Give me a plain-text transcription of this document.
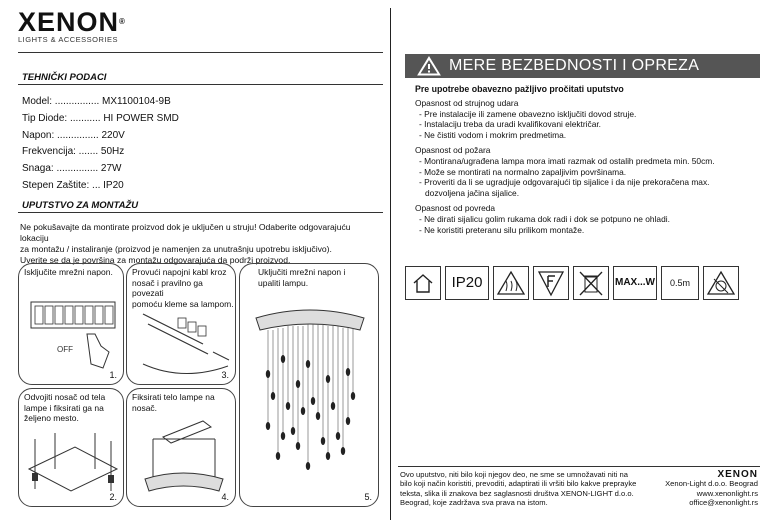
XENON®
LIGHTS & ACCESSORIES
TEHNIČKI PODACI
Model: ................ MX1100104-9B
Tip Diode: ........... HI POWER SMD
Napon: ............... 220V
Frekvencija: ....... 50Hz
Snaga: ............... 27W
Stepen Zaštite: ... IP20
UPUTSTVO ZA MONTAŽU
Ne pokušavajte da montirate proizvod dok je uključen u struju! Odaberite odgovarajuću lokaciju
za montažu / instaliranje (proizvod je namenjen za unutrašnju upotrebu isključivo).
Uverite se da je površina za montažu odgovarajuća da podrži proizvod.
Isključite mrežni napon.
OFF
1.
Provući napojni kabl kroz
nosač i pravilno ga povezati
pomoću kleme sa lampom.
3.
Uključiti mrežni napon i
upaliti lampu.
5.
Odvojiti nosač od tela
lampe i fiksirati ga na
željeno mesto.
2.
Fiksirati telo lampe na
nosač.
4.
MERE BEZBEDNOSTI I OPREZA
Pre upotrebe obavezno pažljivo pročitati uputstvo
Opasnost od strujnog udara
- Pre instalacije ili zamene obavezno isključiti dovod struje.
- Instalaciju treba da uradi kvalifikovani električar.
- Ne čistiti vodom i mokrim predmetima.
Opasnost od požara
- Montirana/ugrađena lampa mora imati razmak od ostalih predmeta min. 50cm.
- Može se montirati na normalno zapaljivim površinama.
- Proveriti da li se ugradjuje odgovarajući tip sijalice i da nije prekoračena max.
dozvoljena jačina sijalice.
Opasnost od povreda
- Ne dirati sijalicu golim rukama dok radi i dok se potpuno ne ohladi.
- Ne koristiti preteranu silu prilikom montaže.
IP20	MAX...W	0.5m
Ovo uputstvo, niti bilo koji njegov deo, ne sme se umnožavati niti na
bilo koji način koristiti, prevoditi, adaptirati ili vršiti bilo kakve preprayke
teksta, slika ili znakova bez saglasnosti društva XENON-LIGHT d.o.o.
Beograd, koje zadržava sva prava na istom.
XENON
Xenon-Light d.o.o. Beograd
www.xenonlight.rs
office@xenonlight.rs
